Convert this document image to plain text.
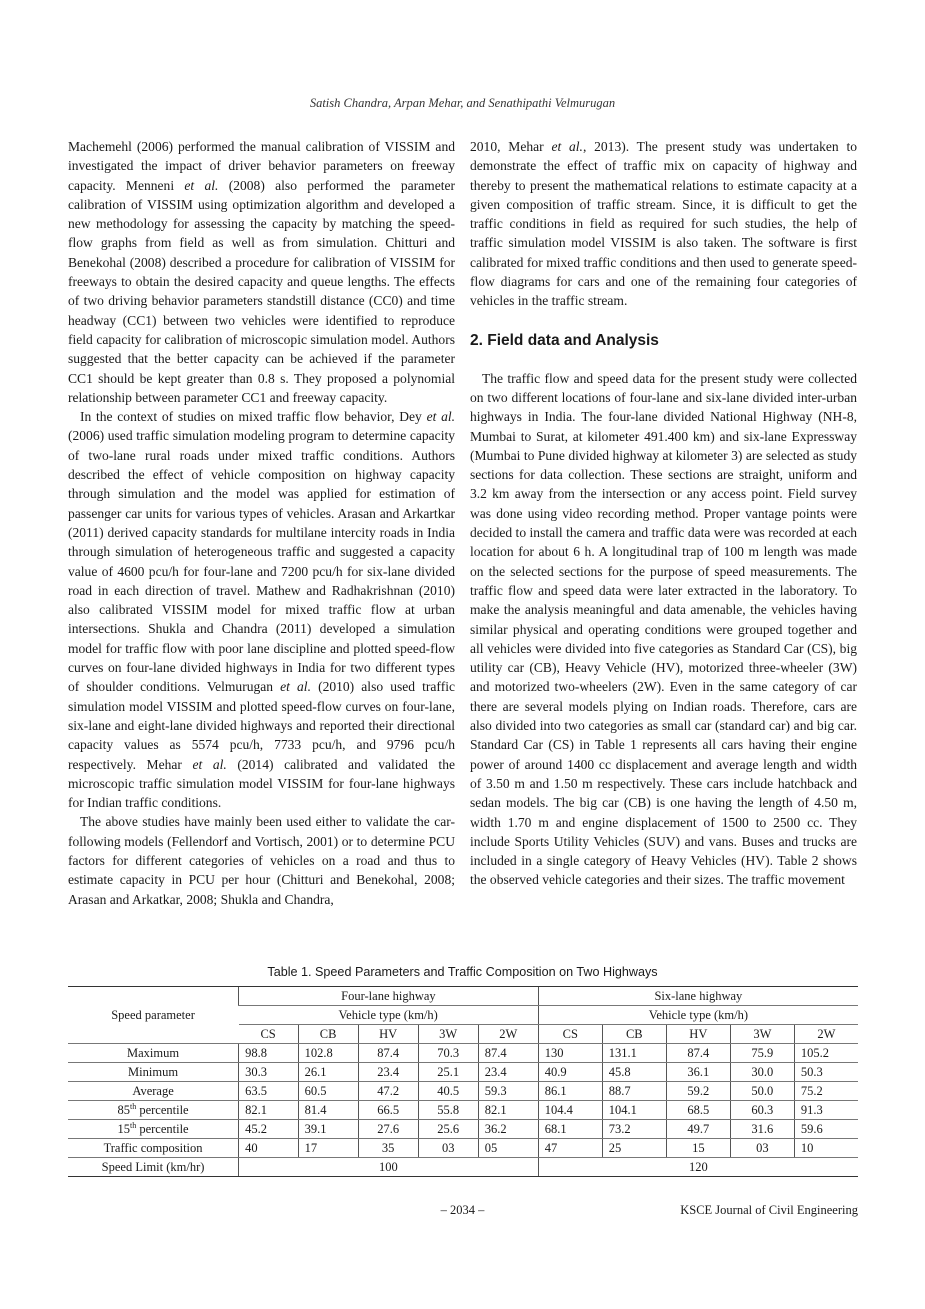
Satish Chandra, Arpan Mehar, and Senathipathi Velmurugan

Machemehl (2006) performed the manual calibration of VISSIM and investigated the impact of driver behavior parameters on freeway capacity. Menneni et al. (2008) also performed the parameter calibration of VISSIM using optimization algorithm and developed a new methodology for assessing the capacity by matching the speed-flow graphs from field as well as from simulation. Chitturi and Benekohal (2008) described a procedure for calibration of VISSIM for freeways to obtain the desired capacity and queue lengths. The effects of two driving behavior parameters standstill distance (CC0) and time headway (CC1) between two vehicles were identified to reproduce field capacity for calibration of microscopic simulation model. Authors suggested that the better capacity can be achieved if the parameter CC1 should be kept greater than 0.8 s. They proposed a polynomial relationship between parameter CC1 and freeway capacity.

In the context of studies on mixed traffic flow behavior, Dey et al. (2006) used traffic simulation modeling program to determine capacity of two-lane rural roads under mixed traffic conditions. Authors described the effect of vehicle composition on highway capacity through simulation and the model was applied for estimation of passenger car units for various types of vehicles. Arasan and Arkartkar (2011) derived capacity standards for multilane intercity roads in India through simulation of heterogeneous traffic and suggested a capacity value of 4600 pcu/h for four-lane and 7200 pcu/h for six-lane divided road in each direction of travel. Mathew and Radhakrishnan (2010) also calibrated VISSIM model for mixed traffic flow at urban intersections. Shukla and Chandra (2011) developed a simulation model for traffic flow with poor lane discipline and plotted speed-flow curves on four-lane divided highways in India for two different types of shoulder conditions. Velmurugan et al. (2010) also used traffic simulation model VISSIM and plotted speed-flow curves on four-lane, six-lane and eight-lane divided highways and reported their directional capacity values as 5574 pcu/h, 7733 pcu/h, and 9796 pcu/h respectively. Mehar et al. (2014) calibrated and validated the microscopic traffic simulation model VISSIM for four-lane highways for Indian traffic conditions.

The above studies have mainly been used either to validate the car-following models (Fellendorf and Vortisch, 2001) or to determine PCU factors for different categories of vehicles on a road and thus to estimate capacity in PCU per hour (Chitturi and Benekohal, 2008; Arasan and Arkatkar, 2008; Shukla and Chandra,

2010, Mehar et al., 2013). The present study was undertaken to demonstrate the effect of traffic mix on capacity of highway and thereby to present the mathematical relations to estimate capacity at a given composition of traffic stream. Since, it is difficult to get the traffic conditions in field as required for such studies, the help of traffic simulation model VISSIM is also taken. The software is first calibrated for mixed traffic conditions and then used to generate speed-flow diagrams for cars and one of the remaining four categories of vehicles in the traffic stream.

2. Field data and Analysis

The traffic flow and speed data for the present study were collected on two different locations of four-lane and six-lane divided inter-urban highways in India. The four-lane divided National Highway (NH-8, Mumbai to Surat, at kilometer 491.400 km) and six-lane Expressway (Mumbai to Pune divided highway at kilometer 3) are selected as study sections for data collection. These sections are straight, uniform and 3.2 km away from the intersection or any access point. Field survey was done using video recording method. Proper vantage points were decided to install the camera and traffic data were was recorded at each location for about 6 h. A longitudinal trap of 100 m length was made on the selected sections for the purpose of speed measurements. The traffic flow and speed data were later extracted in the laboratory. To make the analysis meaningful and data amenable, the vehicles having similar physical and operating conditions were grouped together and all vehicles were divided into five categories as Standard Car (CS), big utility car (CB), Heavy Vehicle (HV), motorized three-wheeler (3W) and motorized two-wheelers (2W). Even in the same category of car there are several models plying on Indian roads. Therefore, cars are also divided into two categories as small car (standard car) and big car. Standard Car (CS) in Table 1 represents all cars having their engine power of around 1400 cc displacement and average length and width of 3.50 m and 1.50 m respectively. These cars include hatchback and sedan models. The big car (CB) is one having the length of 4.50 m, width 1.70 m and engine displacement of 1500 to 2500 cc. They include Sports Utility Vehicles (SUV) and vans. Buses and trucks are included in a single category of Heavy Vehicles (HV). Table 2 shows the observed vehicle categories and their sizes. The traffic movement

Table 1. Speed Parameters and Traffic Composition on Two Highways
Speed parameter	Four-lane highway					Six-lane highway				
	Vehicle type (km/h)					Vehicle type (km/h)				
	CS	CB	HV	3W	2W	CS	CB	HV	3W	2W
Maximum	98.8	102.8	87.4	70.3	87.4	130	131.1	87.4	75.9	105.2
Minimum	30.3	26.1	23.4	25.1	23.4	40.9	45.8	36.1	30.0	50.3
Average	63.5	60.5	47.2	40.5	59.3	86.1	88.7	59.2	50.0	75.2
85th percentile	82.1	81.4	66.5	55.8	82.1	104.4	104.1	68.5	60.3	91.3
15th percentile	45.2	39.1	27.6	25.6	36.2	68.1	73.2	49.7	31.6	59.6
Traffic composition	40	17	35	03	05	47	25	15	03	10
Speed Limit (km/hr)	100					120				
– 2034 –	KSCE Journal of Civil Engineering
